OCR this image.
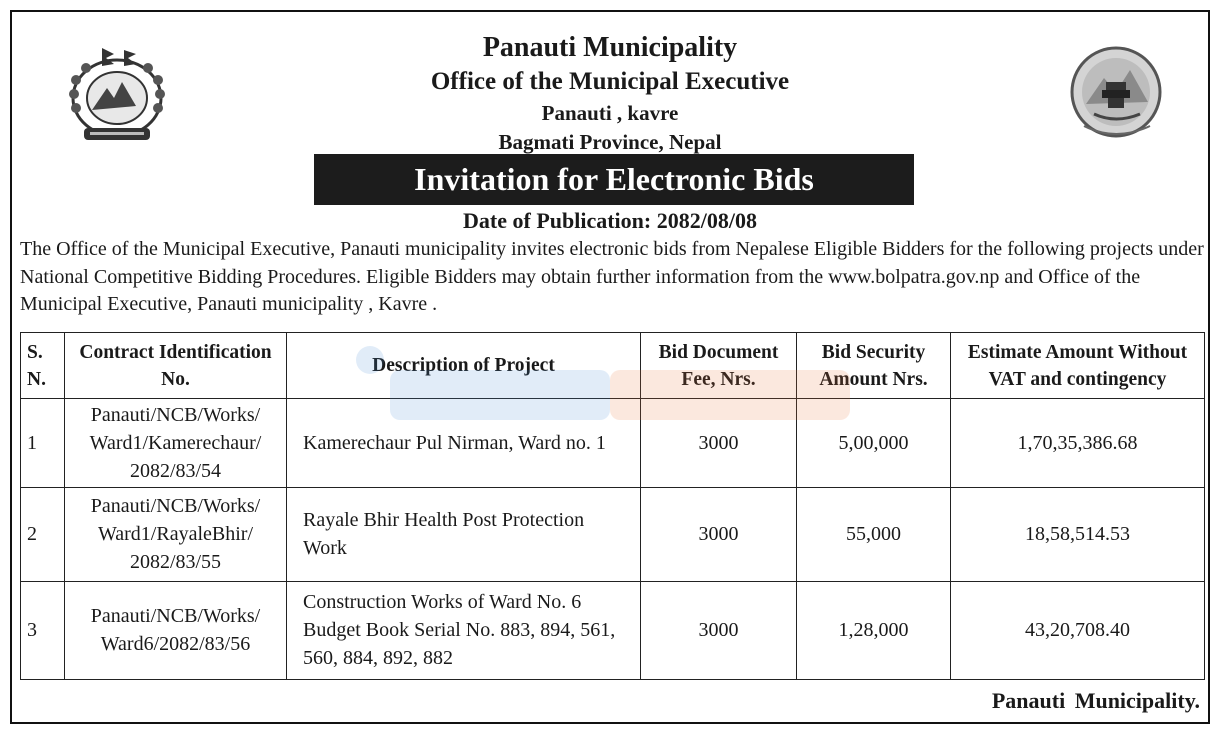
Panauti Municipality
Office of the Municipal Executive
Panauti , kavre
Bagmati Province, Nepal
Invitation for Electronic Bids
Date of Publication: 2082/08/08

The Office of the Municipal Executive, Panauti municipality invites electronic bids from Nepalese Eligible Bidders for the following projects under National Competitive Bidding Procedures. Eligible Bidders may obtain further information from the www.bolpatra.gov.np and Office of the Municipal Executive, Panauti municipality , Kavre .

S. N.	Contract Identification No.	Description of Project	Bid Document Fee, Nrs.	Bid Security Amount Nrs.	Estimate Amount Without VAT and contingency
1	Panauti/NCB/Works/ Ward1/Kamerechaur/ 2082/83/54	Kamerechaur Pul Nirman, Ward no. 1	3000	5,00,000	1,70,35,386.68
2	Panauti/NCB/Works/ Ward1/RayaleBhir/ 2082/83/55	Rayale Bhir Health Post Protection Work	3000	55,000	18,58,514.53
3	Panauti/NCB/Works/ Ward6/2082/83/56	Construction Works of Ward No. 6 Budget Book Serial No. 883, 894, 561, 560, 884, 892, 882	3000	1,28,000	43,20,708.40
Panauti Municipality.
